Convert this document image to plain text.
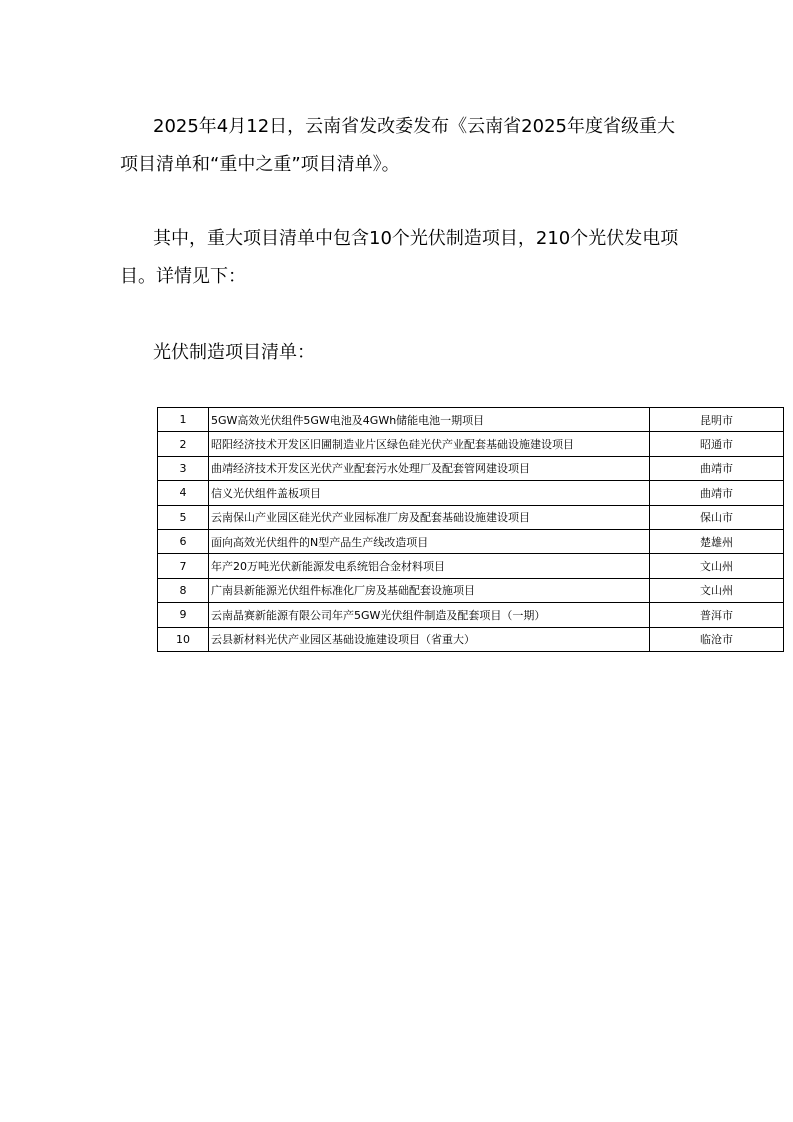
2025年4月12日，云南省发改委发布《云南省2025年度省级重大项目清单和“重中之重”项目清单》。

其中，重大项目清单中包含10个光伏制造项目，210个光伏发电项目。详情见下：

光伏制造项目清单：

1	5GW高效光伏组件5GW电池及4GWh储能电池一期项目	昆明市
2	昭阳经济技术开发区旧圃制造业片区绿色硅光伏产业配套基础设施建设项目	昭通市
3	曲靖经济技术开发区光伏产业配套污水处理厂及配套管网建设项目	曲靖市
4	信义光伏组件盖板项目	曲靖市
5	云南保山产业园区硅光伏产业园标准厂房及配套基础设施建设项目	保山市
6	面向高效光伏组件的N型产品生产线改造项目	楚雄州
7	年产20万吨光伏新能源发电系统铝合金材料项目	文山州
8	广南县新能源光伏组件标准化厂房及基础配套设施项目	文山州
9	云南晶赛新能源有限公司年产5GW光伏组件制造及配套项目（一期）	普洱市
10	云县新材料光伏产业园区基础设施建设项目（省重大）	临沧市
